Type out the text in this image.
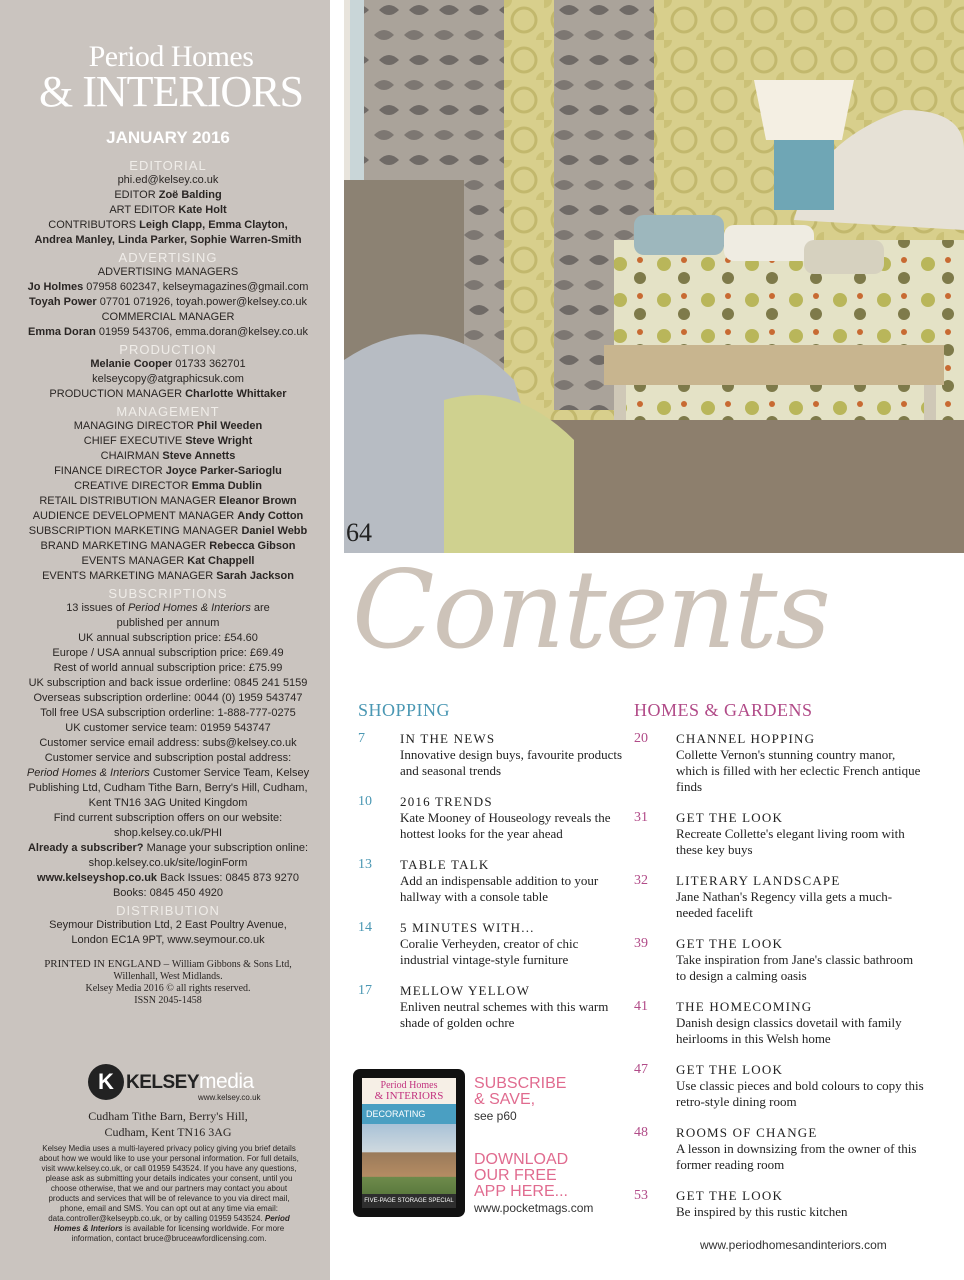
Period Homes
& INTERIORS
JANUARY 2016
EDITORIAL

phi.ed@kelsey.co.uk

EDITOR Zoë Balding

ART EDITOR Kate Holt

CONTRIBUTORS Leigh Clapp, Emma Clayton,

Andrea Manley, Linda Parker, Sophie Warren-Smith

ADVERTISING

ADVERTISING MANAGERS

Jo Holmes 07958 602347, kelseymagazines@gmail.com

Toyah Power 07701 071926, toyah.power@kelsey.co.uk

COMMERCIAL MANAGER

Emma Doran 01959 543706, emma.doran@kelsey.co.uk

PRODUCTION

Melanie Cooper 01733 362701

kelseycopy@atgraphicsuk.com

PRODUCTION MANAGER Charlotte Whittaker

MANAGEMENT

MANAGING DIRECTOR Phil Weeden

CHIEF EXECUTIVE Steve Wright

CHAIRMAN Steve Annetts

FINANCE DIRECTOR Joyce Parker-Sarioglu

CREATIVE DIRECTOR Emma Dublin

RETAIL DISTRIBUTION MANAGER Eleanor Brown

AUDIENCE DEVELOPMENT MANAGER Andy Cotton

SUBSCRIPTION MARKETING MANAGER Daniel Webb

BRAND MARKETING MANAGER Rebecca Gibson

EVENTS MANAGER Kat Chappell

EVENTS MARKETING MANAGER Sarah Jackson

SUBSCRIPTIONS

13 issues of Period Homes & Interiors are

published per annum

UK annual subscription price: £54.60

Europe / USA annual subscription price: £69.49

Rest of world annual subscription price: £75.99

UK subscription and back issue orderline: 0845 241 5159

Overseas subscription orderline: 0044 (0) 1959 543747

Toll free USA subscription orderline: 1-888-777-0275

UK customer service team: 01959 543747

Customer service email address: subs@kelsey.co.uk

Customer service and subscription postal address:

Period Homes & Interiors Customer Service Team, Kelsey

Publishing Ltd, Cudham Tithe Barn, Berry's Hill, Cudham,

Kent TN16 3AG United Kingdom

Find current subscription offers on our website:

shop.kelsey.co.uk/PHI

Already a subscriber? Manage your subscription online:

shop.kelsey.co.uk/site/loginForm

www.kelseyshop.co.uk Back Issues: 0845 873 9270

Books: 0845 450 4920

DISTRIBUTION

Seymour Distribution Ltd, 2 East Poultry Avenue,

London EC1A 9PT, www.seymour.co.uk

PRINTED IN ENGLAND – William Gibbons & Sons Ltd,

Willenhall, West Midlands.

Kelsey Media 2016 © all rights reserved.

ISSN 2045-1458

K KELSEYmedia
www.kelsey.co.uk
Cudham Tithe Barn, Berry's Hill,
Cudham, Kent TN16 3AG
Kelsey Media uses a multi-layered privacy policy giving you brief details about how we would like to use your personal information. For full details, visit www.kelsey.co.uk, or call 01959 543524. If you have any questions, please ask as submitting your details indicates your consent, until you choose otherwise, that we and our partners may contact you about products and services that will be of relevance to you via direct mail, phone, email and SMS. You can opt out at any time via email: data.controller@kelseypb.co.uk, or by calling 01959 543524. Period Homes & Interiors is available for licensing worldwide. For more information, contact bruce@bruceawfordlicensing.com.
64
Contents
SHOPPING
7	IN THE NEWS
Innovative design buys, favourite products and seasonal trends
10 2016 TRENDS
Kate Mooney of Houseology reveals the hottest looks for the year ahead
13 TABLE TALK
Add an indispensable addition to your hallway with a console table
14 5 MINUTES WITH...
Coralie Verheyden, creator of chic industrial vintage-style furniture
17 MELLOW YELLOW
Enliven neutral schemes with this warm shade of golden ochre
HOMES & GARDENS
20 CHANNEL HOPPING
Collette Vernon's stunning country manor, which is filled with her eclectic French antique finds
31 GET THE LOOK
Recreate Collette's elegant living room with these key buys
32 LITERARY LANDSCAPE
Jane Nathan's Regency villa gets a much-needed facelift
39 GET THE LOOK
Take inspiration from Jane's classic bathroom to design a calming oasis
41 THE HOMECOMING
Danish design classics dovetail with family heirlooms in this Welsh home
47 GET THE LOOK
Use classic pieces and bold colours to copy this retro-style dining room
48 ROOMS OF CHANGE
A lesson in downsizing from the owner of this former reading room
53 GET THE LOOK
Be inspired by this rustic kitchen
Period Homes
& INTERIORS
DECORATING
FIVE-PAGE STORAGE SPECIAL
SUBSCRIBE
& SAVE,
see p60
DOWNLOAD
OUR FREE
APP HERE...
www.pocketmags.com
www.periodhomesandinteriors.com
